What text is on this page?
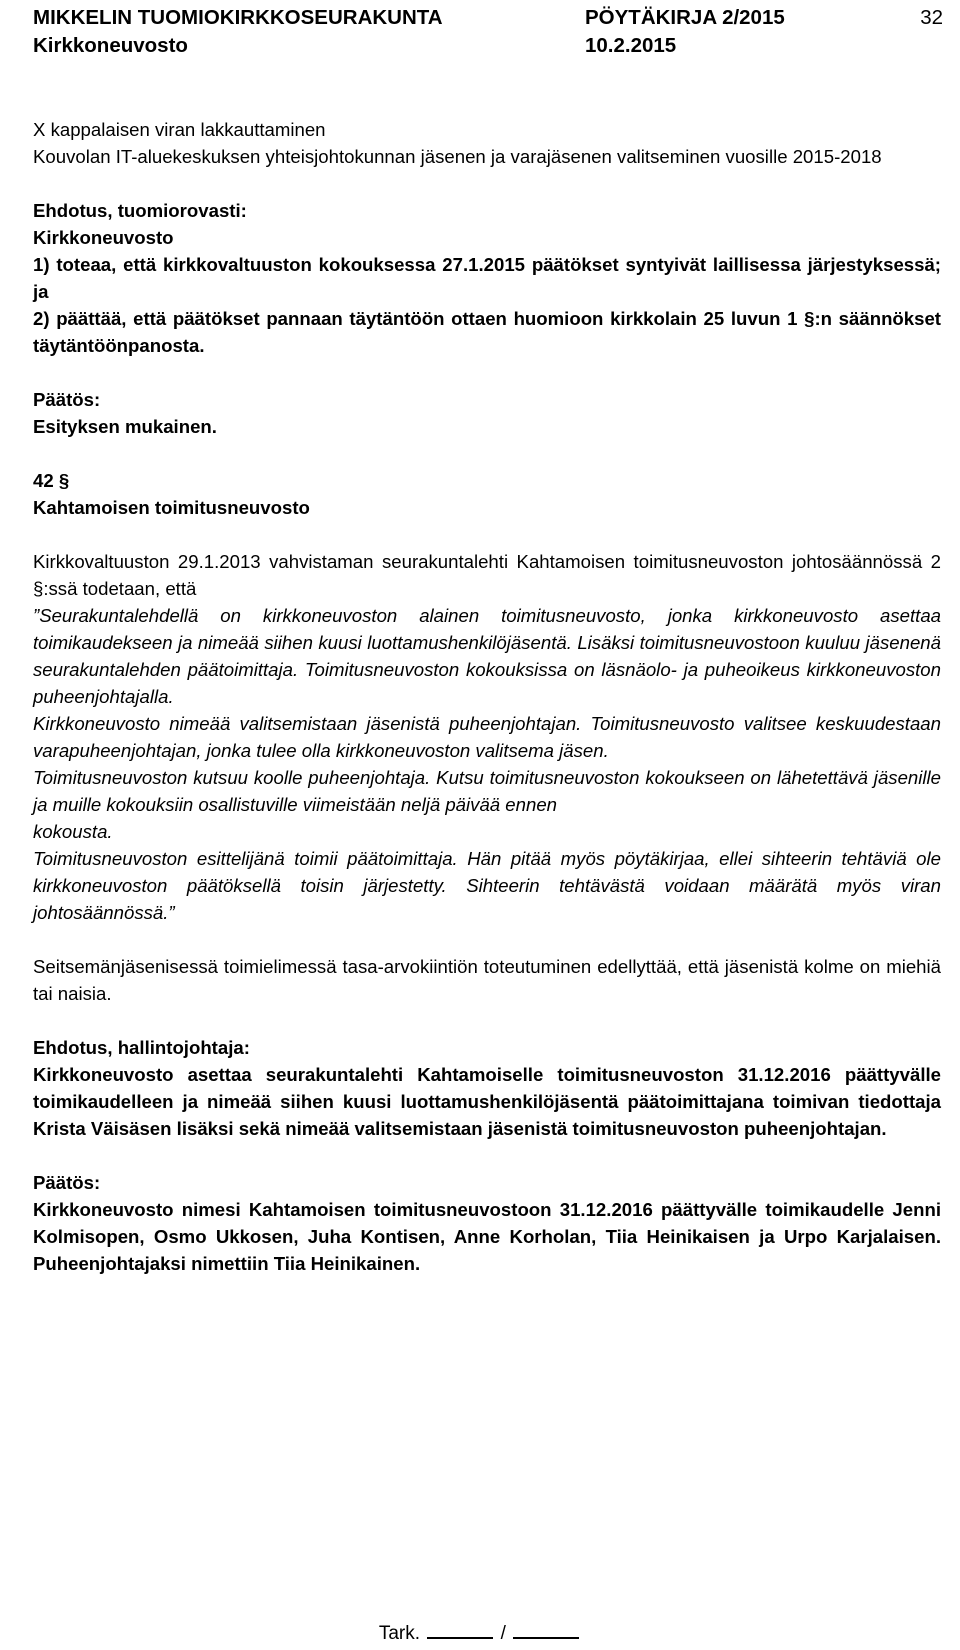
MIKKELIN TUOMIOKIRKKOSEURAKUNTA	PÖYTÄKIRJA 2/2015	32
Kirkkoneuvosto	10.2.2015

X kappalaisen viran lakkauttaminen

Kouvolan IT-aluekeskuksen yhteisjohtokunnan jäsenen ja varajäsenen valitseminen vuosille 2015-2018

Ehdotus, tuomiorovasti:

Kirkkoneuvosto

1) toteaa, että kirkkovaltuuston kokouksessa 27.1.2015 päätökset syntyivät laillisessa järjestyksessä; ja

2) päättää, että päätökset pannaan täytäntöön ottaen huomioon kirkkolain 25 luvun 1 §:n säännökset täytäntöönpanosta.

Päätös:

Esityksen mukainen.

42 §

Kahtamoisen toimitusneuvosto

Kirkkovaltuuston 29.1.2013 vahvistaman seurakuntalehti Kahtamoisen toimitusneuvoston johtosäännössä 2 §:ssä todetaan, että

”Seurakuntalehdellä on kirkkoneuvoston alainen toimitusneuvosto, jonka kirkkoneuvosto asettaa toimikaudekseen ja nimeää siihen kuusi luottamushenkilöjäsentä. Lisäksi toimitusneuvostoon kuuluu jäsenenä seurakuntalehden päätoimittaja. Toimitusneuvoston kokouksissa on läsnäolo- ja puheoikeus kirkkoneuvoston puheenjohtajalla.

Kirkkoneuvosto nimeää valitsemistaan jäsenistä puheenjohtajan. Toimitusneuvosto valitsee keskuudestaan varapuheenjohtajan, jonka tulee olla kirkkoneuvoston valitsema jäsen.

Toimitusneuvoston kutsuu koolle puheenjohtaja. Kutsu toimitusneuvoston kokoukseen on lähetettävä jäsenille ja muille kokouksiin osallistuville viimeistään neljä päivää ennen

kokousta.

Toimitusneuvoston esittelijänä toimii päätoimittaja. Hän pitää myös pöytäkirjaa, ellei sihteerin tehtäviä ole kirkkoneuvoston päätöksellä toisin järjestetty. Sihteerin tehtävästä voidaan määrätä myös viran johtosäännössä.”

Seitsemänjäsenisessä toimielimessä tasa-arvokiintiön toteutuminen edellyttää, että jäsenistä kolme on miehiä tai naisia.

Ehdotus, hallintojohtaja:

Kirkkoneuvosto asettaa seurakuntalehti Kahtamoiselle toimitusneuvoston 31.12.2016 päättyvälle toimikaudelleen ja nimeää siihen kuusi luottamushenkilöjäsentä päätoimittajana toimivan tiedottaja Krista Väisäsen lisäksi sekä nimeää valitsemistaan jäsenistä toimitusneuvoston puheenjohtajan.

Päätös:

Kirkkoneuvosto nimesi Kahtamoisen toimitusneuvostoon 31.12.2016 päättyvälle toimikaudelle Jenni Kolmisopen, Osmo Ukkosen, Juha Kontisen, Anne Korholan, Tiia Heinikaisen ja Urpo Karjalaisen. Puheenjohtajaksi nimettiin Tiia Heinikainen.

Tark.	/
